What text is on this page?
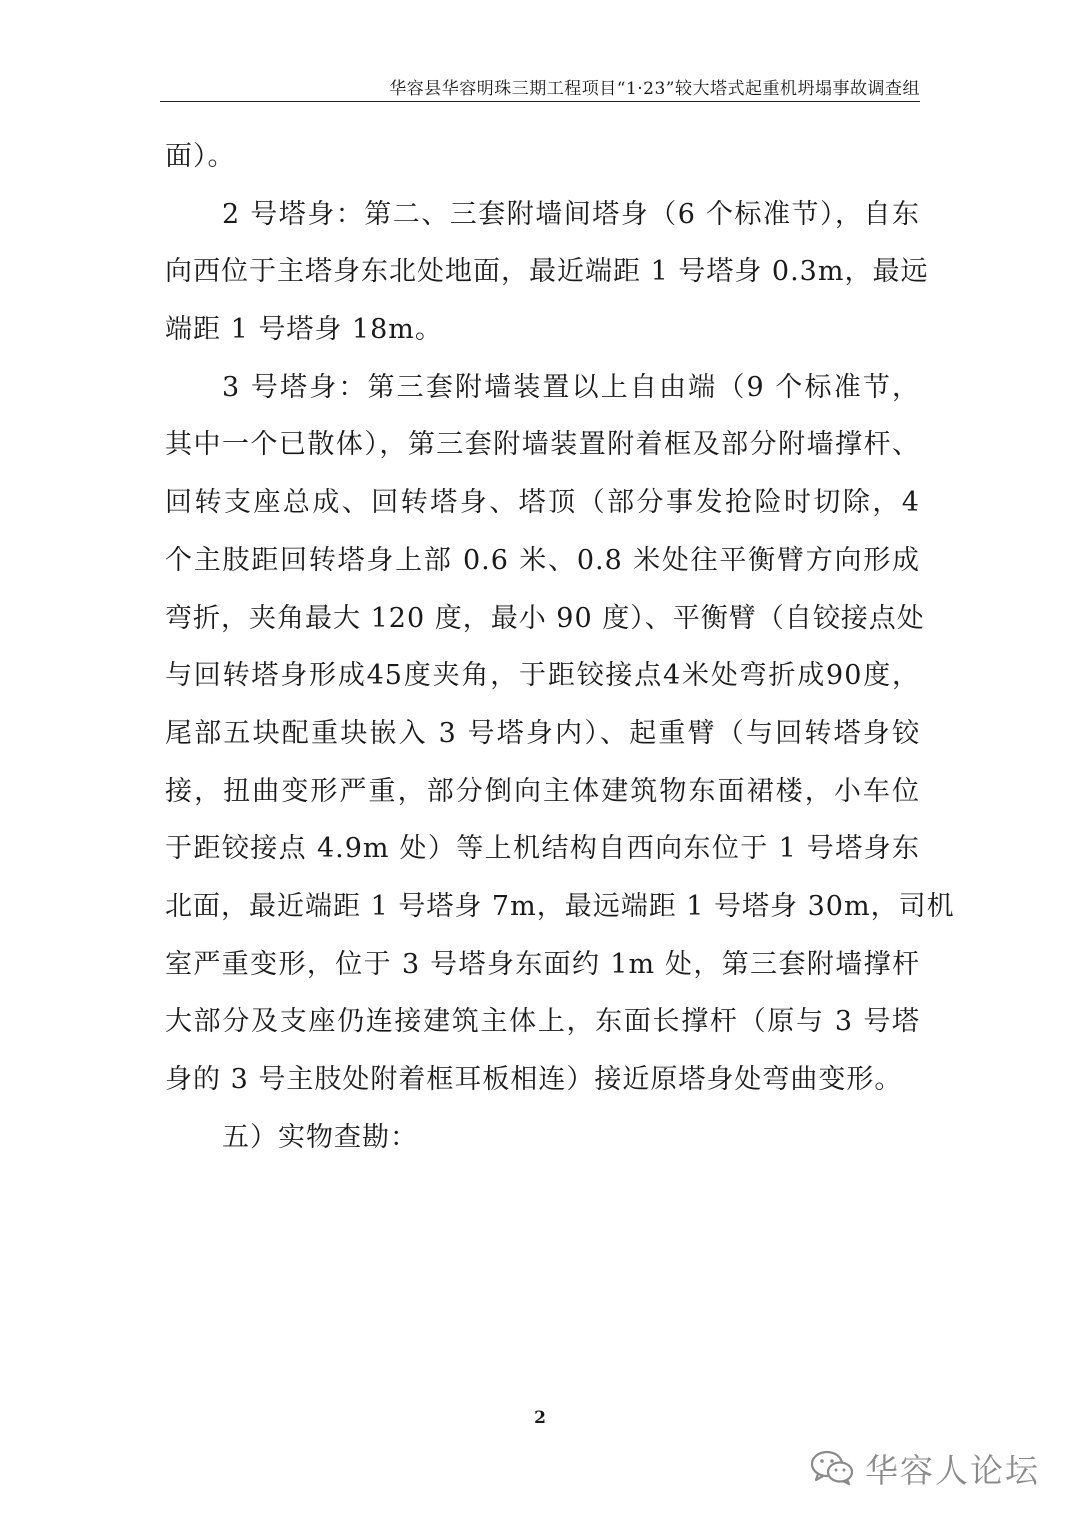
华容县华容明珠三期工程项目“1·23”较大塔式起重机坍塌事故调查组
面）。
2 号塔身：第二、三套附墙间塔身（6 个标准节），自东
向西位于主塔身东北处地面，最近端距 1 号塔身 0.3m，最远
端距 1 号塔身 18m。
3 号塔身：第三套附墙装置以上自由端（9 个标准节，
其中一个已散体），第三套附墙装置附着框及部分附墙撑杆、
回转支座总成、回转塔身、塔顶（部分事发抢险时切除，4
个主肢距回转塔身上部 0.6 米、0.8 米处往平衡臂方向形成
弯折，夹角最大 120 度，最小 90 度）、平衡臂（自铰接点处
与回转塔身形成45度夹角，于距铰接点4米处弯折成90度，
尾部五块配重块嵌入 3 号塔身内）、起重臂（与回转塔身铰
接，扭曲变形严重，部分倒向主体建筑物东面裙楼，小车位
于距铰接点 4.9m 处）等上机结构自西向东位于 1 号塔身东
北面，最近端距 1 号塔身 7m，最远端距 1 号塔身 30m，司机
室严重变形，位于 3 号塔身东面约 1m 处，第三套附墙撑杆
大部分及支座仍连接建筑主体上，东面长撑杆（原与 3 号塔
身的 3 号主肢处附着框耳板相连）接近原塔身处弯曲变形。
五）实物查勘：
2
华容人论坛
